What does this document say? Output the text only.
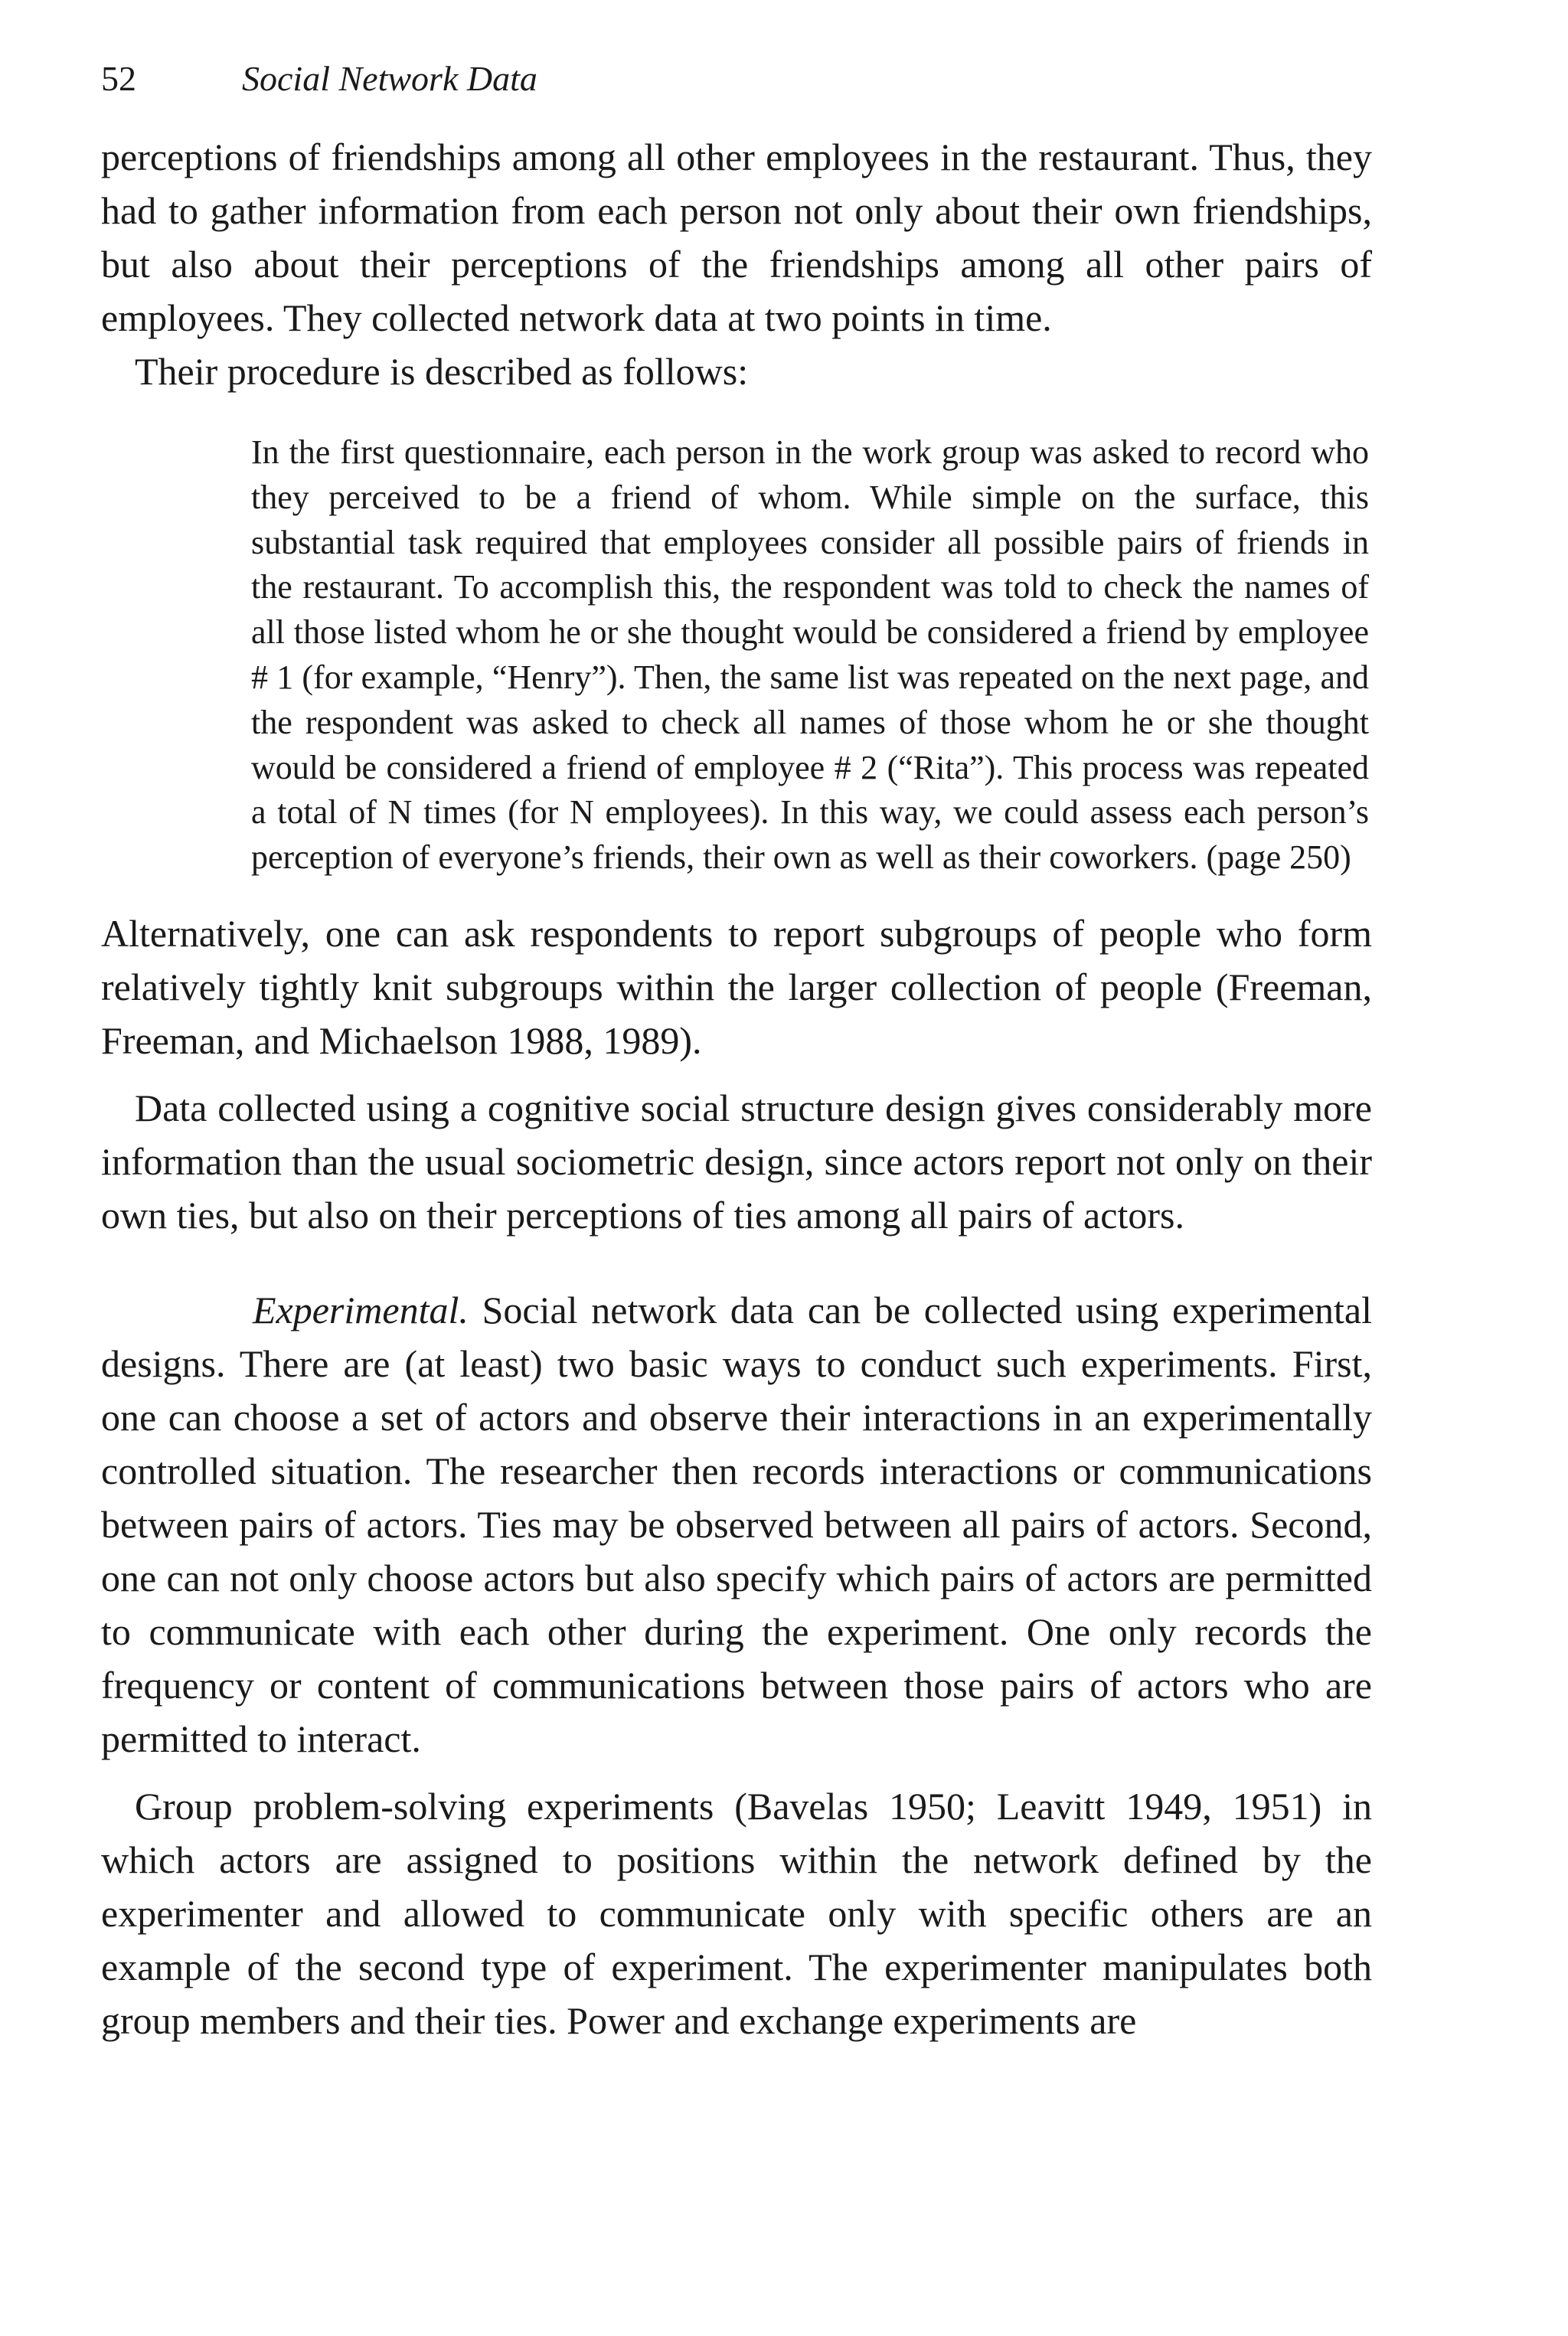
52	Social Network Data

perceptions of friendships among all other employees in the restaurant. Thus, they had to gather information from each person not only about their own friendships, but also about their perceptions of the friendships among all other pairs of employees. They collected network data at two points in time.

Their procedure is described as follows:

In the first questionnaire, each person in the work group was asked to record who they perceived to be a friend of whom. While simple on the surface, this substantial task required that employees consider all possible pairs of friends in the restaurant. To accomplish this, the respondent was told to check the names of all those listed whom he or she thought would be considered a friend by employee # 1 (for example, “Henry”). Then, the same list was repeated on the next page, and the respondent was asked to check all names of those whom he or she thought would be considered a friend of employee # 2 (“Rita”). This process was repeated a total of N times (for N employees). In this way, we could assess each person’s perception of everyone’s friends, their own as well as their coworkers. (page 250)

Alternatively, one can ask respondents to report subgroups of people who form relatively tightly knit subgroups within the larger collection of people (Freeman, Freeman, and Michaelson 1988, 1989).

Data collected using a cognitive social structure design gives considerably more information than the usual sociometric design, since actors report not only on their own ties, but also on their perceptions of ties among all pairs of actors.

Experimental. Social network data can be collected using experimental designs. There are (at least) two basic ways to conduct such experiments. First, one can choose a set of actors and observe their interactions in an experimentally controlled situation. The researcher then records interactions or communications between pairs of actors. Ties may be observed between all pairs of actors. Second, one can not only choose actors but also specify which pairs of actors are permitted to communicate with each other during the experiment. One only records the frequency or content of communications between those pairs of actors who are permitted to interact.

Group problem-solving experiments (Bavelas 1950; Leavitt 1949, 1951) in which actors are assigned to positions within the network defined by the experimenter and allowed to communicate only with specific others are an example of the second type of experiment. The experimenter manipulates both group members and their ties. Power and exchange experiments are
